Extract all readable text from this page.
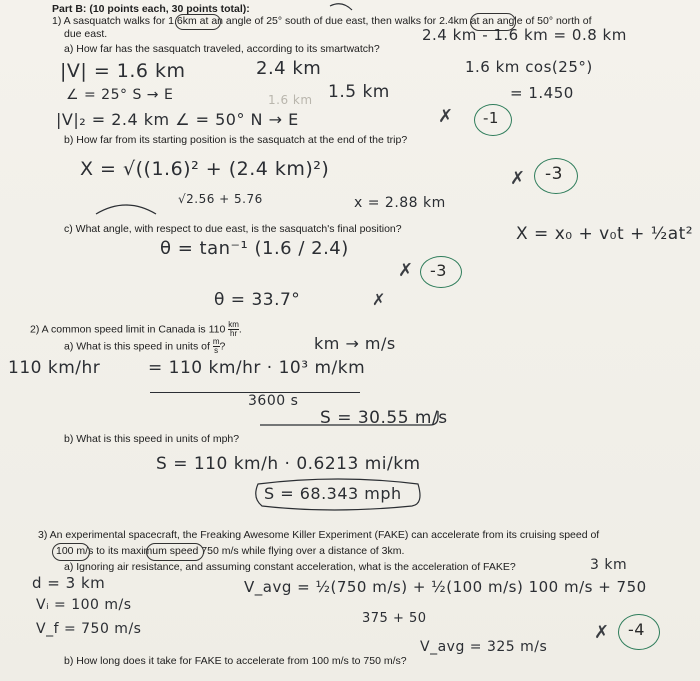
Part B: (10 points each, 30 points total):
1) A sasquatch walks for 1.6km at an angle of 25° south of due east, then walks for 2.4km at an angle of 50° north of
due east.
a) How far has the sasquatch traveled, according to its smartwatch?
b) How far from its starting position is the sasquatch at the end of the trip?
c) What angle, with respect to due east, is the sasquatch's final position?
2) A common speed limit in Canada is $110 \frac{km}{hr}$ .
a) What is this speed in units of $\frac{m}{s}$ ?
b) What is this speed in units of mph?
3) An experimental spacecraft, the Freaking Awesome Killer Experiment (FAKE) can accelerate from its cruising speed of
100 m/s to its maximum speed 750 m/s while flying over a distance of 3km.
a) Ignoring air resistance, and assuming constant acceleration, what is the acceleration of FAKE?
b) How long does it take for FAKE to accelerate from 100 m/s to 750 m/s?
2.4 km - 1.6 km = 0.8 km
|V| = 1.6 km	2.4 km	1.6 km cos(25°)
∠ = 25° S → E	1.6 km 1.5 km	= 1.450
|V|₂ = 2.4 km ∠ = 50° N → E	✗ -1
X = √((1.6)² + (2.4 km)²)
√2.56 + 5.76	x = 2.88 km
✗ -3
θ = tan⁻¹ (1.6 / 2.4)
X = x₀ + v₀t + ½at²
✗ -3
θ = 33.7°	✗
110 km/hr	= 110 km/hr · 10³ m/km
km → m/s
3600 s
S = 30.55 m/s
S = 110 km/h · 0.6213 mi/km
S = 68.343 mph
3 km
d = 3 km
Vᵢ = 100 m/s
V_f = 750 m/s
V_avg = ½(750 m/s) + ½(100 m/s) 100 m/s + 750
375 + 50
V_avg = 325 m/s
✗ -4
